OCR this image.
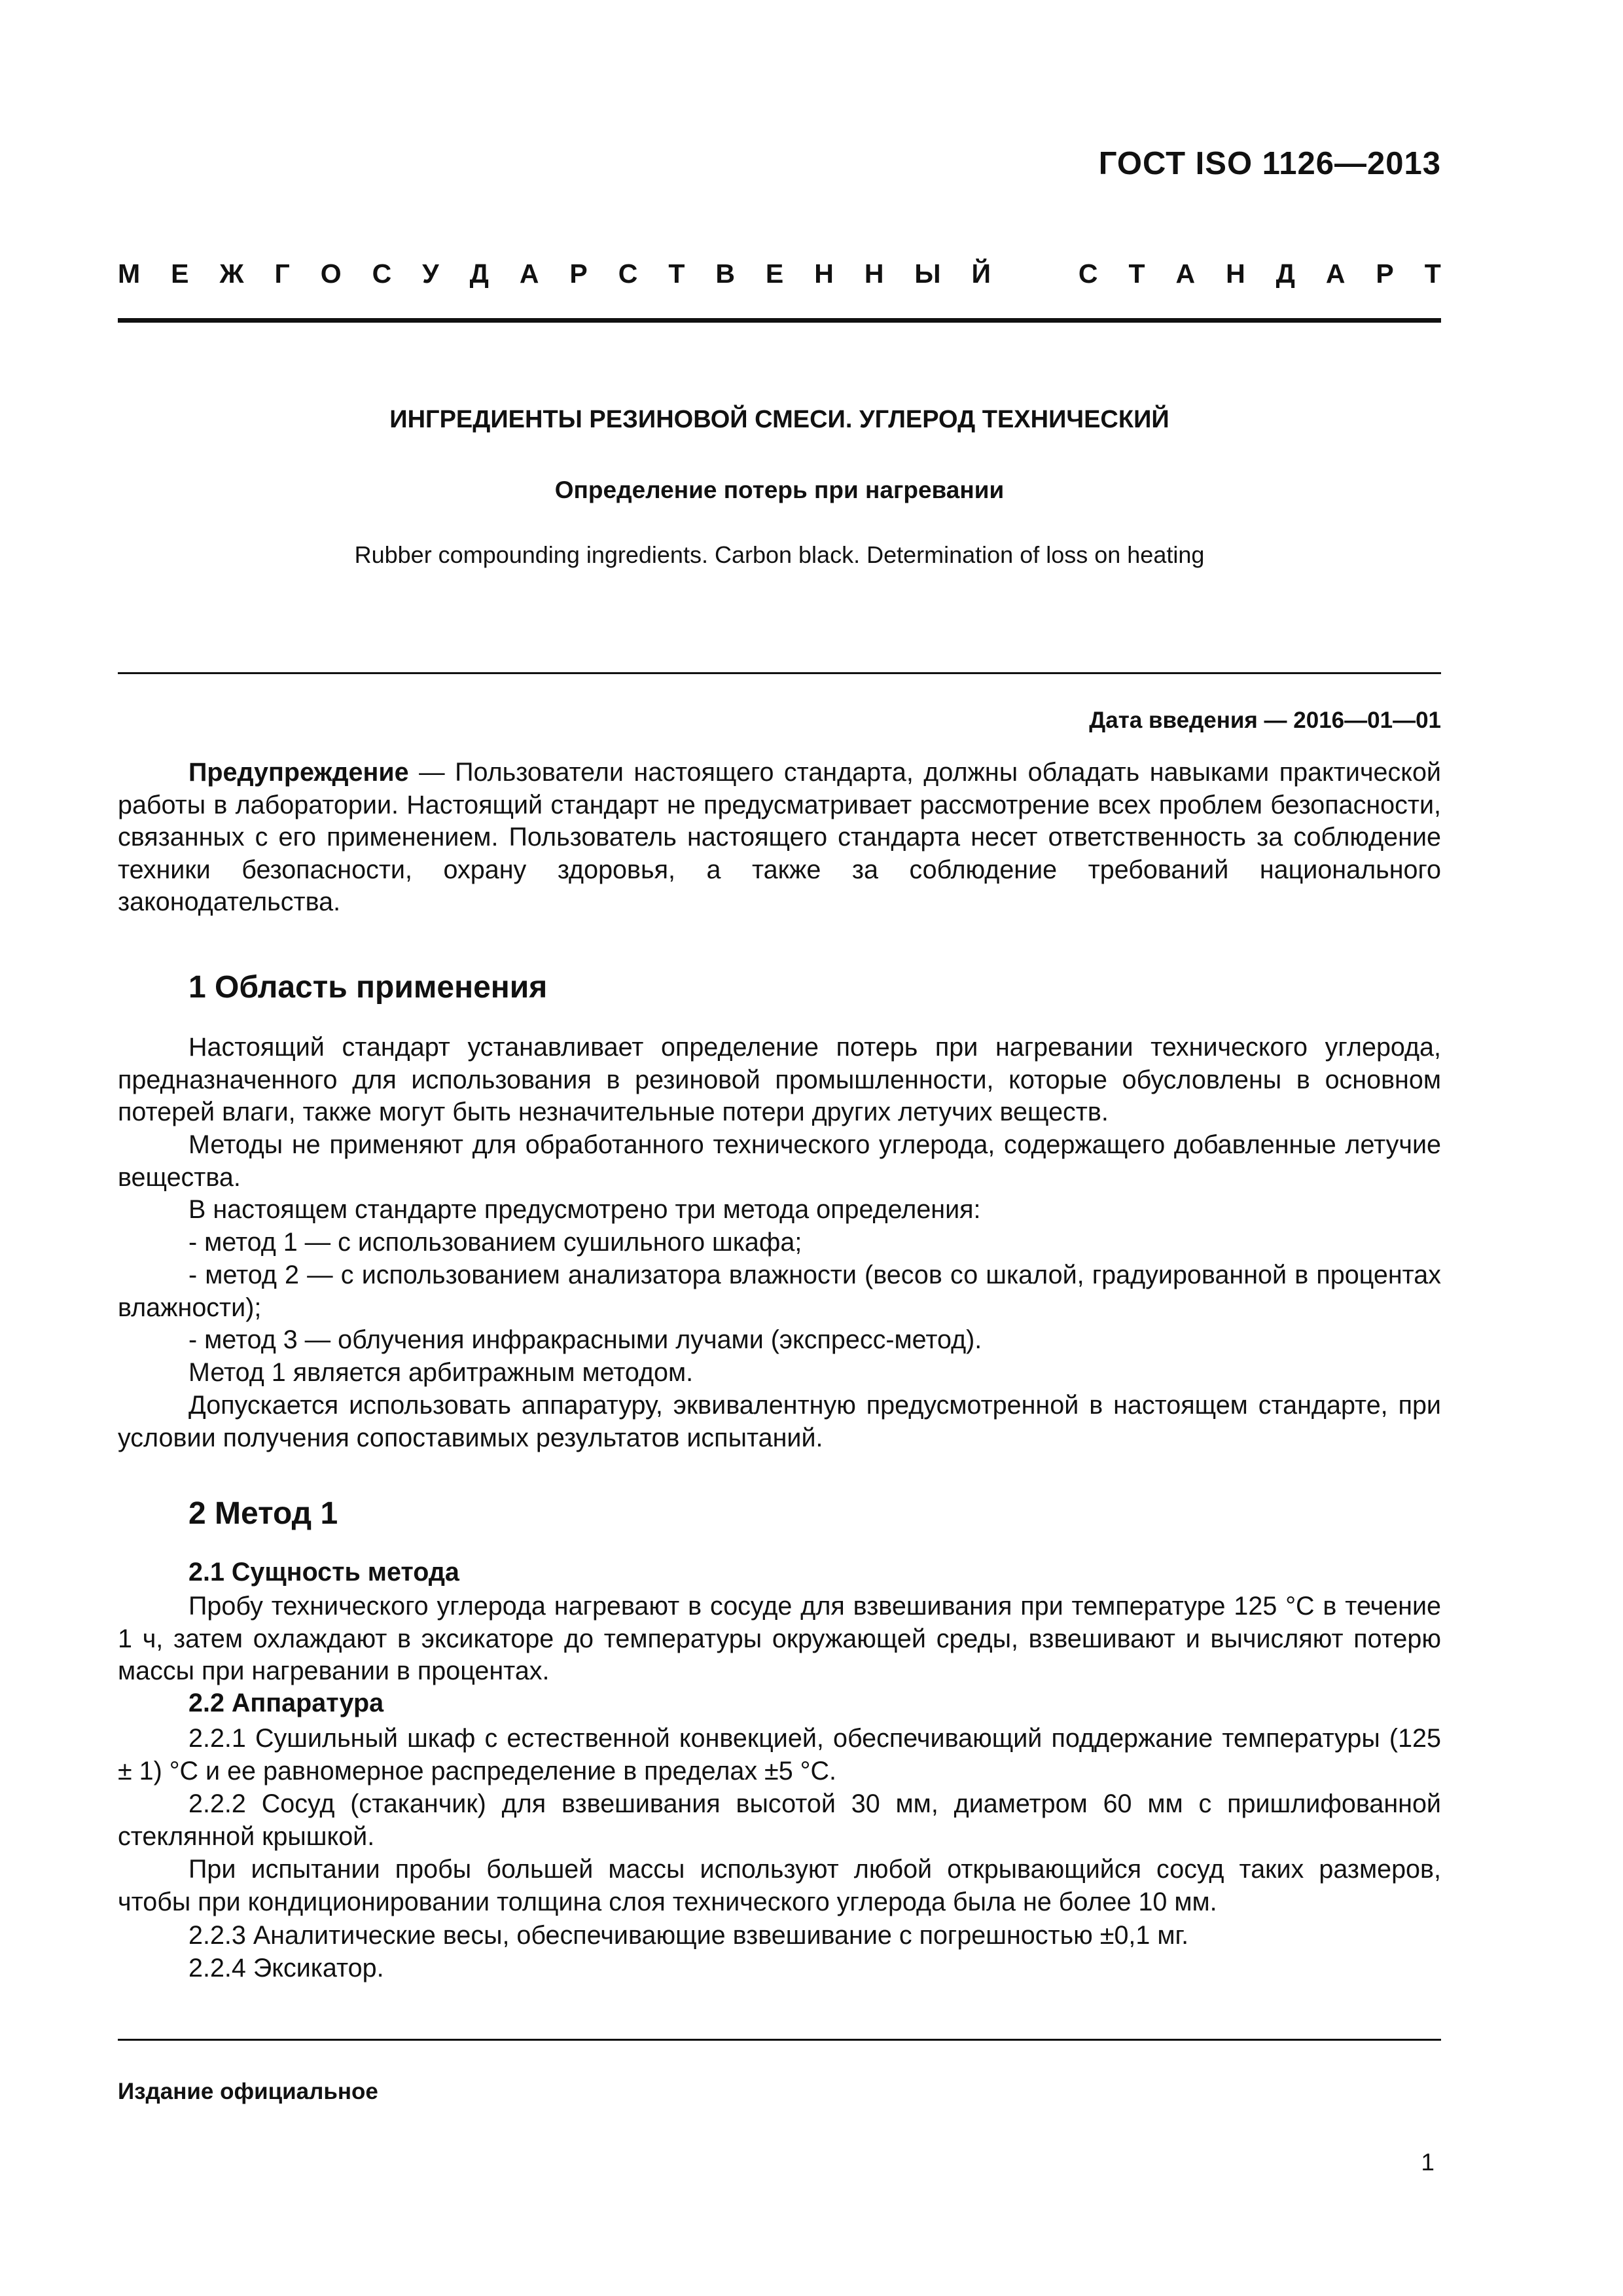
ГОСТ ISO 1126—2013
М Е Ж Г О С У Д А Р С Т В Е Н Н Ы Й	С Т А Н Д А Р Т
ИНГРЕДИЕНТЫ РЕЗИНОВОЙ СМЕСИ. УГЛЕРОД ТЕХНИЧЕСКИЙ
Определение потерь при нагревании
Rubber compounding ingredients. Carbon black. Determination of loss on heating
Дата введения — 2016—01—01
Предупреждение — Пользователи настоящего стандарта, должны обладать навыками практической работы в лаборатории. Настоящий стандарт не предусматривает рассмотрение всех проблем безопасности, связанных с его применением. Пользователь настоящего стандарта несет ответственность за соблюдение техники безопасности, охрану здоровья, а также за соблюдение требований национального законодательства.
1 Область применения
Настоящий стандарт устанавливает определение потерь при нагревании технического углерода, предназначенного для использования в резиновой промышленности, которые обусловлены в основном потерей влаги, также могут быть незначительные потери других летучих веществ.
Методы не применяют для обработанного технического углерода, содержащего добавленные летучие вещества.
В настоящем стандарте предусмотрено три метода определения:
- метод 1 — с использованием сушильного шкафа;
- метод 2 — с использованием анализатора влажности (весов со шкалой, градуированной в процентах влажности);
- метод 3 — облучения инфракрасными лучами (экспресс-метод).
Метод 1 является арбитражным методом.
Допускается использовать аппаратуру, эквивалентную предусмотренной в настоящем стандарте, при условии получения сопоставимых результатов испытаний.
2 Метод 1
2.1 Сущность метода
Пробу технического углерода нагревают в сосуде для взвешивания при температуре 125 °С в течение 1 ч, затем охлаждают в эксикаторе до температуры окружающей среды, взвешивают и вычисляют потерю массы при нагревании в процентах.
2.2 Аппаратура
2.2.1 Сушильный шкаф с естественной конвекцией, обеспечивающий поддержание температуры (125 ± 1) °С и ее равномерное распределение в пределах ±5 °С.
2.2.2 Сосуд (стаканчик) для взвешивания высотой 30 мм, диаметром 60 мм с пришлифованной стеклянной крышкой.
При испытании пробы большей массы используют любой открывающийся сосуд таких размеров, чтобы при кондиционировании толщина слоя технического углерода была не более 10 мм.
2.2.3 Аналитические весы, обеспечивающие взвешивание с погрешностью ±0,1 мг.
2.2.4 Эксикатор.
Издание официальное
1
